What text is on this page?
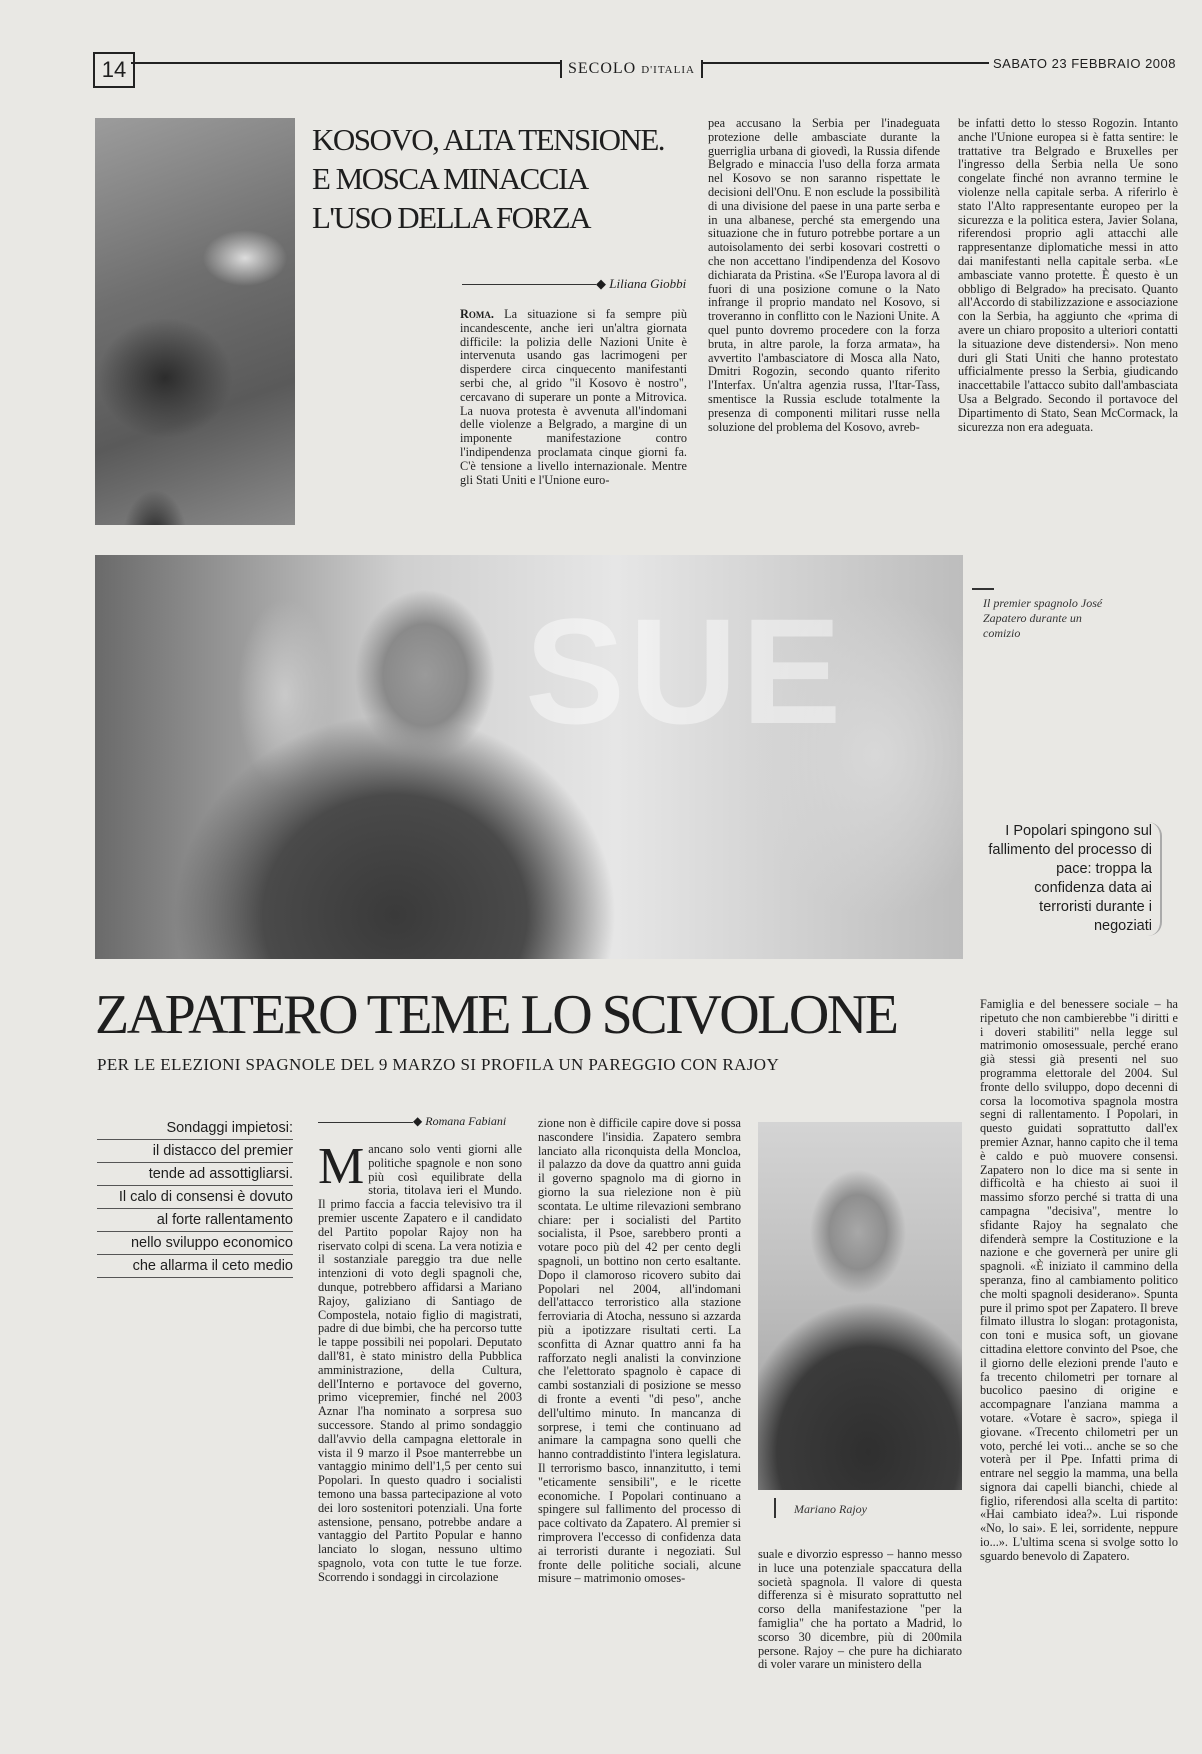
14	SECOLO D'ITALIA	SABATO 23 FEBBRAIO 2008
KOSOVO, ALTA TENSIONE.
E MOSCA MINACCIA
L'USO DELLA FORZA
◆ Liliana Giobbi
Roma. La situazione si fa sempre più incandescente, anche ieri un'altra giornata difficile: la polizia delle Nazioni Unite è intervenuta usando gas lacrimogeni per disperdere circa cinquecento manifestanti serbi che, al grido "il Kosovo è nostro", cercavano di superare un ponte a Mitrovica. La nuova protesta è avvenuta all'indomani delle violenze a Belgrado, a margine di un imponente manifestazione contro l'indipendenza proclamata cinque giorni fa. C'è tensione a livello internazionale. Mentre gli Stati Uniti e l'Unione euro-
pea accusano la Serbia per l'inadeguata protezione delle ambasciate durante la guerriglia urbana di giovedì, la Russia difende Belgrado e minaccia l'uso della forza armata nel Kosovo se non saranno rispettate le decisioni dell'Onu. E non esclude la possibilità di una divisione del paese in una parte serba e in una albanese, perché sta emergendo una situazione che in futuro potrebbe portare a un autoisolamento dei serbi kosovari costretti o che non accettano l'indipendenza del Kosovo dichiarata da Pristina. «Se l'Europa lavora al di fuori di una posizione comune o la Nato infrange il proprio mandato nel Kosovo, si troveranno in conflitto con le Nazioni Unite. A quel punto dovremo procedere con la forza bruta, in altre parole, la forza armata», ha avvertito l'ambasciatore di Mosca alla Nato, Dmitri Rogozin, secondo quanto riferito l'Interfax. Un'altra agenzia russa, l'Itar-Tass, smentisce la Russia esclude totalmente la presenza di componenti militari russe nella soluzione del problema del Kosovo, avreb-
be infatti detto lo stesso Rogozin. Intanto anche l'Unione europea si è fatta sentire: le trattative tra Belgrado e Bruxelles per l'ingresso della Serbia nella Ue sono congelate finché non avranno termine le violenze nella capitale serba. A riferirlo è stato l'Alto rappresentante europeo per la sicurezza e la politica estera, Javier Solana, riferendosi proprio agli attacchi alle rappresentanze diplomatiche messi in atto dai manifestanti nella capitale serba. «Le ambasciate vanno protette. È questo è un obbligo di Belgrado» ha precisato. Quanto all'Accordo di stabilizzazione e associazione con la Serbia, ha aggiunto che «prima di avere un chiaro proposito a ulteriori contatti la situazione deve distendersi». Non meno duri gli Stati Uniti che hanno protestato ufficialmente presso la Serbia, giudicando inaccettabile l'attacco subito dall'ambasciata Usa a Belgrado. Secondo il portavoce del Dipartimento di Stato, Sean McCormack, la sicurezza non era adeguata.
SUE	Il premier spagnolo José Zapatero durante un comizio
I Popolari spingono sul fallimento del processo di pace: troppa la confidenza data ai terroristi durante i negoziati
ZAPATERO TEME LO SCIVOLONE
PER LE ELEZIONI SPAGNOLE DEL 9 MARZO SI PROFILA UN PAREGGIO CON RAJOY
Sondaggi impietosi:
il distacco del premier
tende ad assottigliarsi.
Il calo di consensi è dovuto
al forte rallentamento
nello sviluppo economico
che allarma il ceto medio
◆ Romana Fabiani
M ancano solo venti giorni alle politiche spagnole e non sono più così equilibrate della storia, titolava ieri el Mundo. Il primo faccia a faccia televisivo tra il premier uscente Zapatero e il candidato del Partito popolar Rajoy non ha riservato colpi di scena. La vera notizia e il sostanziale pareggio tra due nelle intenzioni di voto degli spagnoli che, dunque, potrebbero affidarsi a Mariano Rajoy, galiziano di Santiago de Compostela, notaio figlio di magistrati, padre di due bimbi, che ha percorso tutte le tappe possibili nei popolari. Deputato dall'81, è stato ministro della Pubblica amministrazione, della Cultura, dell'Interno e portavoce del governo, primo vicepremier, finché nel 2003 Aznar l'ha nominato a sorpresa suo successore. Stando al primo sondaggio dall'avvio della campagna elettorale in vista il 9 marzo il Psoe manterrebbe un vantaggio minimo dell'1,5 per cento sui Popolari. In questo quadro i socialisti temono una bassa partecipazione al voto dei loro sostenitori potenziali. Una forte astensione, pensano, potrebbe andare a vantaggio del Partito Popular e hanno lanciato lo slogan, nessuno ultimo spagnolo, vota con tutte le tue forze. Scorrendo i sondaggi in circolazione
zione non è difficile capire dove si possa nascondere l'insidia. Zapatero sembra lanciato alla riconquista della Moncloa, il palazzo da dove da quattro anni guida il governo spagnolo ma di giorno in giorno la sua rielezione non è più scontata. Le ultime rilevazioni sembrano chiare: per i socialisti del Partito socialista, il Psoe, sarebbero pronti a votare poco più del 42 per cento degli spagnoli, un bottino non certo esaltante. Dopo il clamoroso ricovero subito dai Popolari nel 2004, all'indomani dell'attacco terroristico alla stazione ferroviaria di Atocha, nessuno si azzarda più a ipotizzare risultati certi. La sconfitta di Aznar quattro anni fa ha rafforzato negli analisti la convinzione che l'elettorato spagnolo è capace di cambi sostanziali di posizione se messo di fronte a eventi "di peso", anche dell'ultimo minuto. In mancanza di sorprese, i temi che continuano ad animare la campagna sono quelli che hanno contraddistinto l'intera legislatura. Il terrorismo basco, innanzitutto, i temi "eticamente sensibili", e le ricette economiche. I Popolari continuano a spingere sul fallimento del processo di pace coltivato da Zapatero. Al premier si rimprovera l'eccesso di confidenza data ai terroristi durante i negoziati. Sul fronte delle politiche sociali, alcune misure – matrimonio omoses-
Mariano Rajoy
suale e divorzio espresso – hanno messo in luce una potenziale spaccatura della società spagnola. Il valore di questa differenza si è misurato soprattutto nel corso della manifestazione "per la famiglia" che ha portato a Madrid, lo scorso 30 dicembre, più di 200mila persone. Rajoy – che pure ha dichiarato di voler varare un ministero della
Famiglia e del benessere sociale – ha ripetuto che non cambierebbe "i diritti e i doveri stabiliti" nella legge sul matrimonio omosessuale, perché erano già stessi già presenti nel suo programma elettorale del 2004. Sul fronte dello sviluppo, dopo decenni di corsa la locomotiva spagnola mostra segni di rallentamento. I Popolari, in questo guidati soprattutto dall'ex premier Aznar, hanno capito che il tema è caldo e può muovere consensi. Zapatero non lo dice ma si sente in difficoltà e ha chiesto ai suoi il massimo sforzo perché si tratta di una campagna "decisiva", mentre lo sfidante Rajoy ha segnalato che difenderà sempre la Costituzione e la nazione e che governerà per unire gli spagnoli. «È iniziato il cammino della speranza, fino al cambiamento politico che molti spagnoli desiderano». Spunta pure il primo spot per Zapatero. Il breve filmato illustra lo slogan: protagonista, con toni e musica soft, un giovane cittadina elettore convinto del Psoe, che il giorno delle elezioni prende l'auto e fa trecento chilometri per tornare al bucolico paesino di origine e accompagnare l'anziana mamma a votare. «Votare è sacro», spiega il giovane. «Trecento chilometri per un voto, perché lei voti... anche se so che voterà per il Ppe. Infatti prima di entrare nel seggio la mamma, una bella signora dai capelli bianchi, chiede al figlio, riferendosi alla scelta di partito: «Hai cambiato idea?». Lui risponde «No, lo sai». E lei, sorridente, neppure io...». L'ultima scena si svolge sotto lo sguardo benevolo di Zapatero.
